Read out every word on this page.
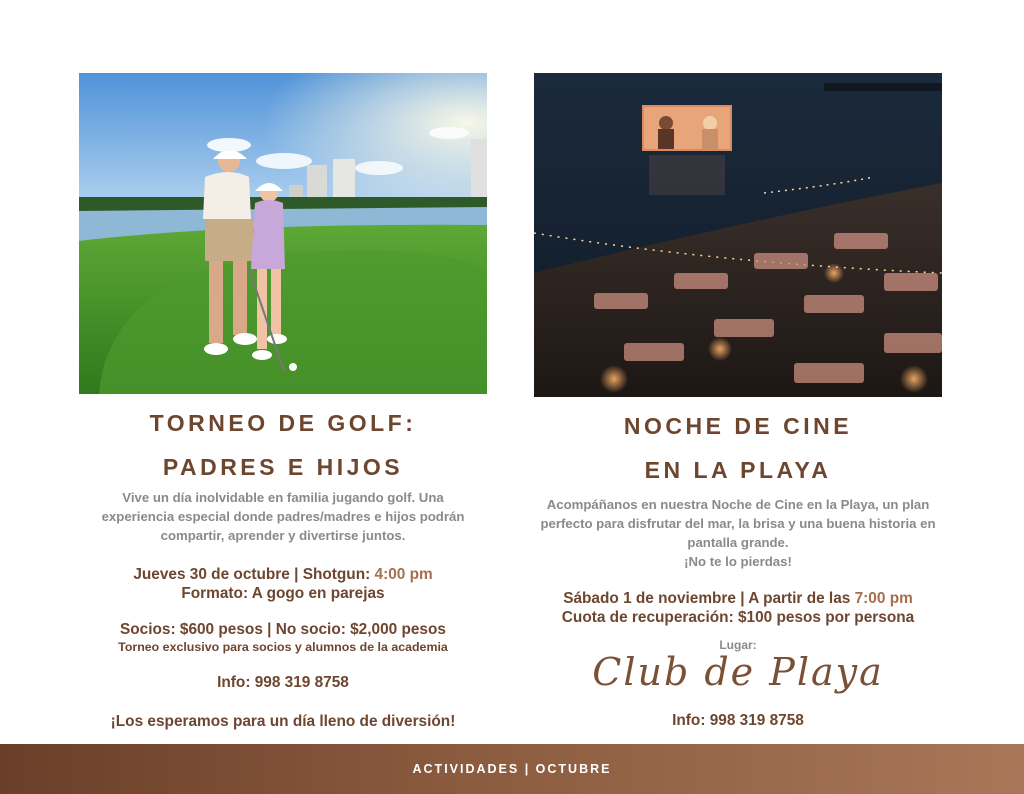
TORNEO DE GOLF:
PADRES E HIJOS

Vive un día inolvidable en familia jugando golf. Una experiencia especial donde padres/madres e hijos podrán compartir, aprender y divertirse juntos.

Jueves 30 de octubre | Shotgun: 4:00 pm
Formato: A gogo en parejas
Socios: $600 pesos | No socio: $2,000 pesos
Torneo exclusivo para socios y alumnos de la academia
Info: 998 319 8758
¡Los esperamos para un día lleno de diversión!
NOCHE DE CINE
EN LA PLAYA

Acompáñanos en nuestra Noche de Cine en la Playa, un plan perfecto para disfrutar del mar, la brisa y una buena historia en pantalla grande.

¡No te lo pierdas!

Sábado 1 de noviembre | A partir de las 7:00 pm
Cuota de recuperación: $100 pesos por persona
Lugar:
Club de Playa
Info: 998 319 8758
ACTIVIDADES | OCTUBRE
